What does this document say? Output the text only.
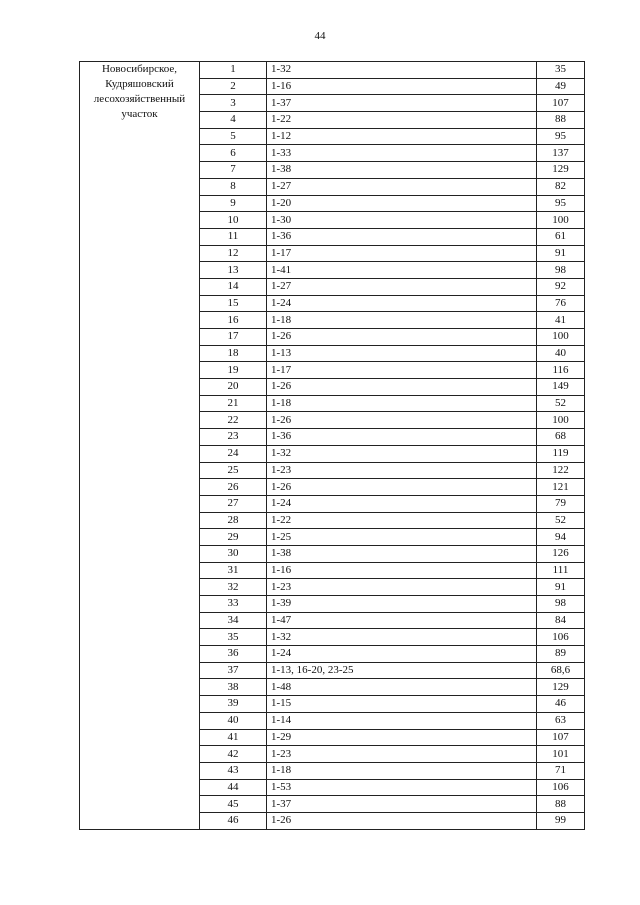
44
Новосибирское, Кудряшовский лесохозяйственный участок	1	1-32	35
	2	1-16	49
	3	1-37	107
	4	1-22	88
	5	1-12	95
	6	1-33	137
	7	1-38	129
	8	1-27	82
	9	1-20	95
	10	1-30	100
	11	1-36	61
	12	1-17	91
	13	1-41	98
	14	1-27	92
	15	1-24	76
	16	1-18	41
	17	1-26	100
	18	1-13	40
	19	1-17	116
	20	1-26	149
	21	1-18	52
	22	1-26	100
	23	1-36	68
	24	1-32	119
	25	1-23	122
	26	1-26	121
	27	1-24	79
	28	1-22	52
	29	1-25	94
	30	1-38	126
	31	1-16	111
	32	1-23	91
	33	1-39	98
	34	1-47	84
	35	1-32	106
	36	1-24	89
	37	1-13, 16-20, 23-25	68,6
	38	1-48	129
	39	1-15	46
	40	1-14	63
	41	1-29	107
	42	1-23	101
	43	1-18	71
	44	1-53	106
	45	1-37	88
	46	1-26	99
